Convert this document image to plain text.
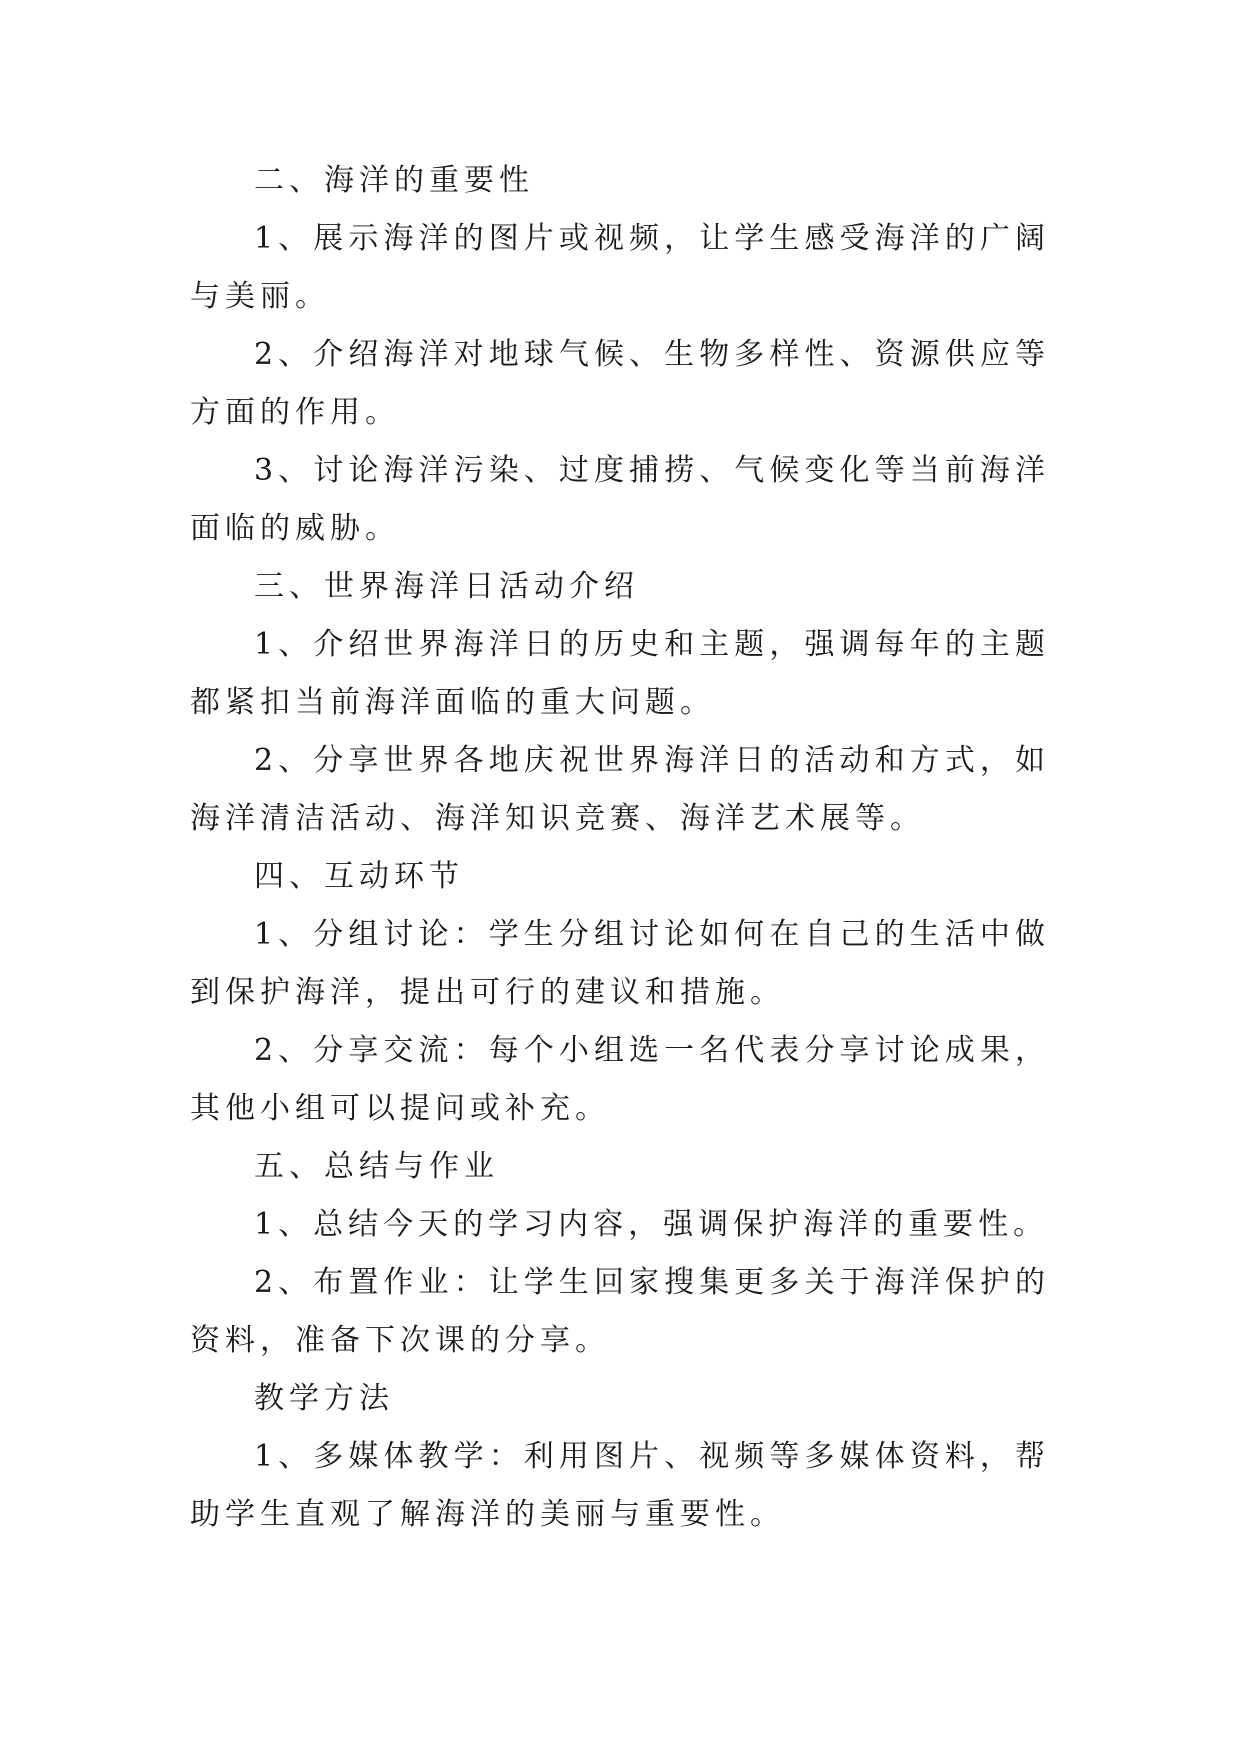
二、海洋的重要性

1、展示海洋的图片或视频，让学生感受海洋的广阔与美丽。

2、介绍海洋对地球气候、生物多样性、资源供应等方面的作用。

3、讨论海洋污染、过度捕捞、气候变化等当前海洋面临的威胁。

三、世界海洋日活动介绍

1、介绍世界海洋日的历史和主题，强调每年的主题都紧扣当前海洋面临的重大问题。

2、分享世界各地庆祝世界海洋日的活动和方式，如海洋清洁活动、海洋知识竞赛、海洋艺术展等。

四、互动环节

1、分组讨论：学生分组讨论如何在自己的生活中做到保护海洋，提出可行的建议和措施。

2、分享交流：每个小组选一名代表分享讨论成果，其他小组可以提问或补充。

五、总结与作业

1、总结今天的学习内容，强调保护海洋的重要性。

2、布置作业：让学生回家搜集更多关于海洋保护的资料，准备下次课的分享。

教学方法

1、多媒体教学：利用图片、视频等多媒体资料，帮助学生直观了解海洋的美丽与重要性。
